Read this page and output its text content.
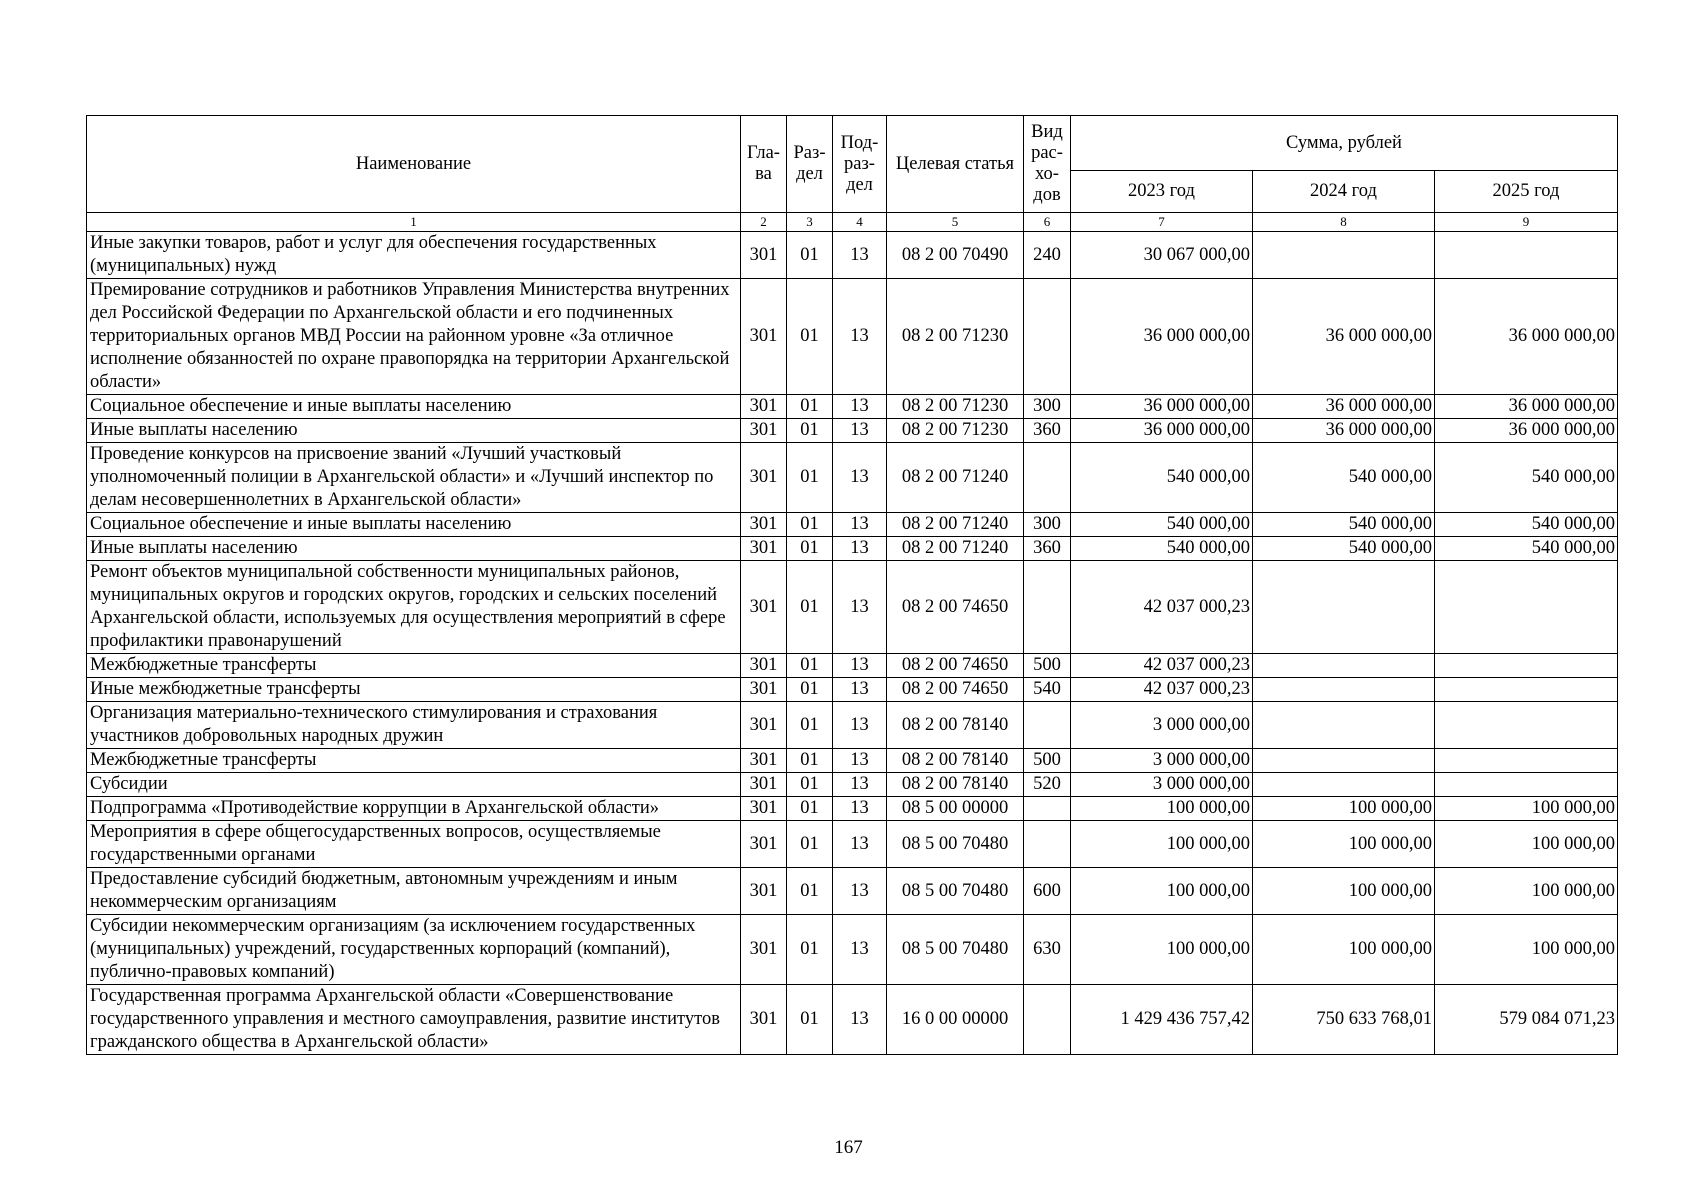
Наименование	Гла-ва	Раз-дел	Под-раз-дел	Целевая статья	Вид рас-хо-дов	Сумма, рублей		
						2023 год	2024 год	2025 год
1	2	3	4	5	6	7	8	9
Иные закупки товаров, работ и услуг для обеспечения государственных (муниципальных) нужд	301	01	13	08 2 00 70490	240	30 067 000,00		
Премирование сотрудников и работников Управления Министерства внутренних дел Российской Федерации по Архангельской области и его подчиненных территориальных органов МВД России на районном уровне «За отличное исполнение обязанностей по охране правопорядка на территории Архангельской области»	301	01	13	08 2 00 71230		36 000 000,00	36 000 000,00	36 000 000,00
Социальное обеспечение и иные выплаты населению	301	01	13	08 2 00 71230	300	36 000 000,00	36 000 000,00	36 000 000,00
Иные выплаты населению	301	01	13	08 2 00 71230	360	36 000 000,00	36 000 000,00	36 000 000,00
Проведение конкурсов на присвоение званий «Лучший участковый уполномоченный полиции в Архангельской области» и «Лучший инспектор по делам несовершеннолетних в Архангельской области»	301	01	13	08 2 00 71240		540 000,00	540 000,00	540 000,00
Социальное обеспечение и иные выплаты населению	301	01	13	08 2 00 71240	300	540 000,00	540 000,00	540 000,00
Иные выплаты населению	301	01	13	08 2 00 71240	360	540 000,00	540 000,00	540 000,00
Ремонт объектов муниципальной собственности муниципальных районов, муниципальных округов и городских округов, городских и сельских поселений Архангельской области, используемых для осуществления мероприятий в сфере профилактики правонарушений	301	01	13	08 2 00 74650		42 037 000,23		
Межбюджетные трансферты	301	01	13	08 2 00 74650	500	42 037 000,23		
Иные межбюджетные трансферты	301	01	13	08 2 00 74650	540	42 037 000,23		
Организация материально-технического стимулирования и страхования участников добровольных народных дружин	301	01	13	08 2 00 78140		3 000 000,00		
Межбюджетные трансферты	301	01	13	08 2 00 78140	500	3 000 000,00		
Субсидии	301	01	13	08 2 00 78140	520	3 000 000,00		
Подпрограмма «Противодействие коррупции в Архангельской области»	301	01	13	08 5 00 00000		100 000,00	100 000,00	100 000,00
Мероприятия в сфере общегосударственных вопросов, осуществляемые государственными органами	301	01	13	08 5 00 70480		100 000,00	100 000,00	100 000,00
Предоставление субсидий бюджетным, автономным учреждениям и иным некоммерческим организациям	301	01	13	08 5 00 70480	600	100 000,00	100 000,00	100 000,00
Субсидии некоммерческим организациям (за исключением государственных (муниципальных) учреждений, государственных корпораций (компаний), публично-правовых компаний)	301	01	13	08 5 00 70480	630	100 000,00	100 000,00	100 000,00
Государственная программа Архангельской области «Совершенствование государственного управления и местного самоуправления, развитие институтов гражданского общества в Архангельской области»	301	01	13	16 0 00 00000		1 429 436 757,42	750 633 768,01	579 084 071,23
167
